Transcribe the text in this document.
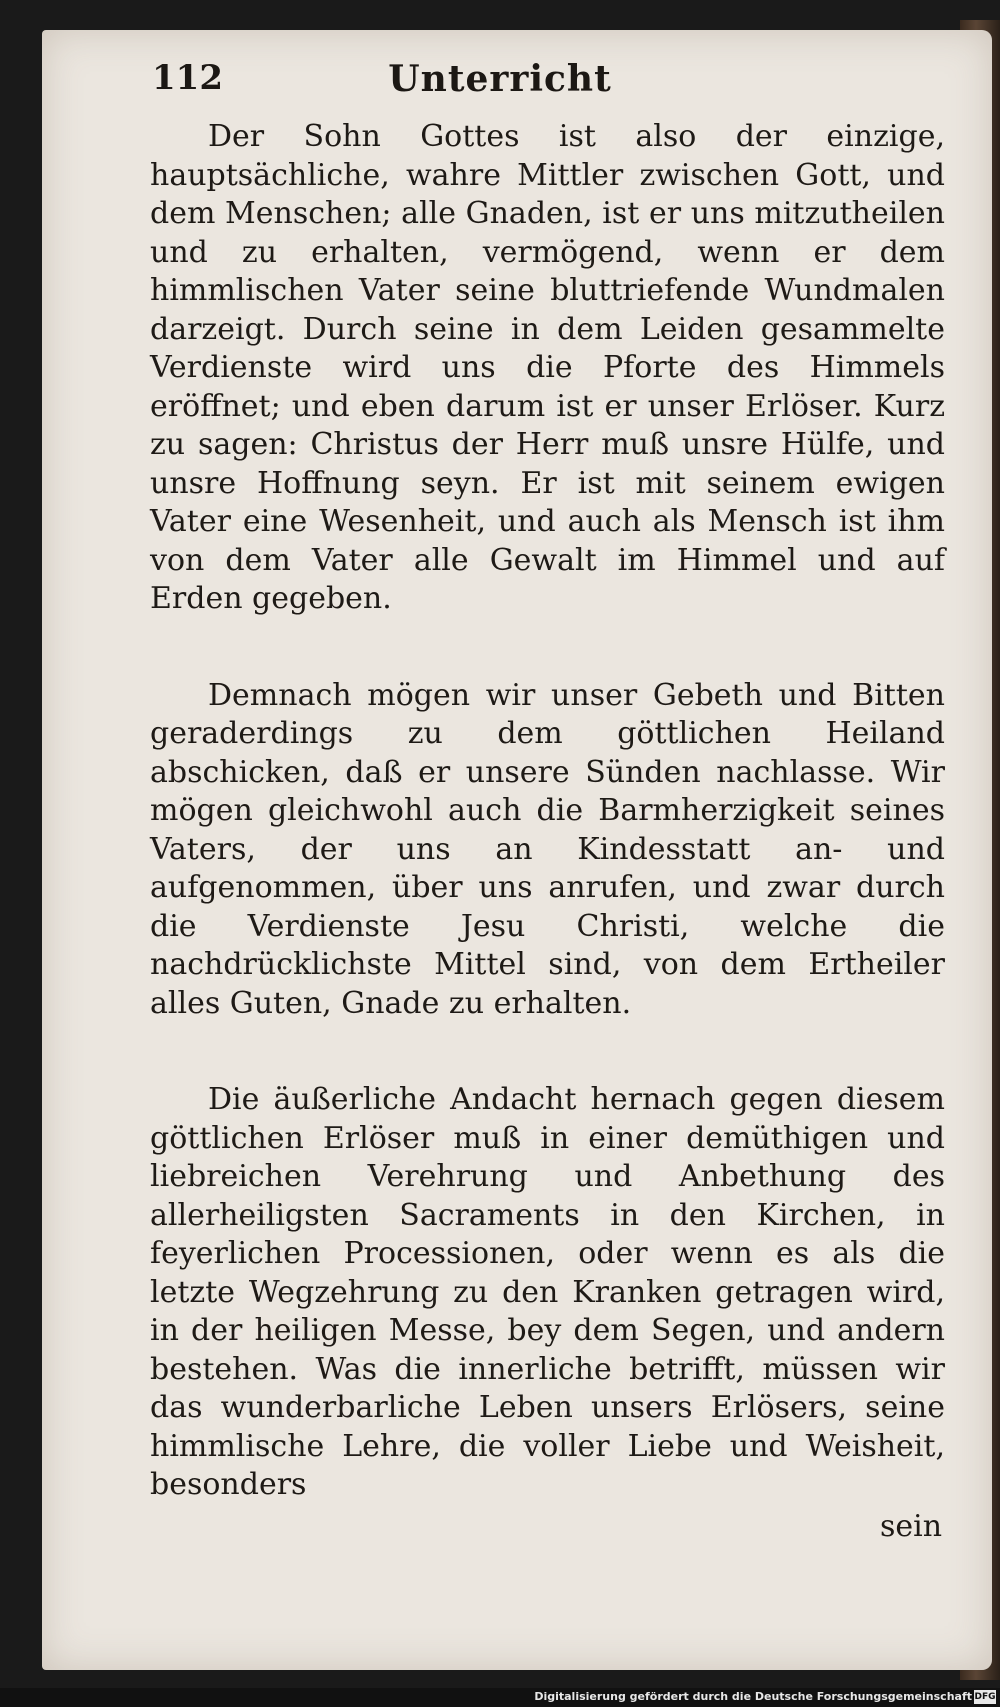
112	Unterricht

Der Sohn Gottes ist also der einzige, hauptsächliche, wahre Mittler zwischen Gott, und dem Menschen; alle Gnaden, ist er uns mitzutheilen und zu erhalten, vermögend, wenn er dem himmlischen Vater seine bluttriefende Wundmalen darzeigt. Durch seine in dem Leiden gesammelte Verdienste wird uns die Pforte des Himmels eröffnet; und eben darum ist er unser Erlöser. Kurz zu sagen: Christus der Herr muß unsre Hülfe, und unsre Hoffnung seyn. Er ist mit seinem ewigen Vater eine Wesenheit, und auch als Mensch ist ihm von dem Vater alle Gewalt im Himmel und auf Erden gegeben.

Demnach mögen wir unser Gebeth und Bitten geraderdings zu dem göttlichen Heiland abschicken, daß er unsere Sünden nachlasse. Wir mögen gleichwohl auch die Barmherzigkeit seines Vaters, der uns an Kindesstatt an- und aufgenommen, über uns anrufen, und zwar durch die Verdienste Jesu Christi, welche die nachdrücklichste Mittel sind, von dem Ertheiler alles Guten, Gnade zu erhalten.

Die äußerliche Andacht hernach gegen diesem göttlichen Erlöser muß in einer demüthigen und liebreichen Verehrung und Anbethung des allerheiligsten Sacraments in den Kirchen, in feyerlichen Processionen, oder wenn es als die letzte Wegzehrung zu den Kranken getragen wird, in der heiligen Messe, bey dem Segen, und andern bestehen. Was die innerliche betrifft, müssen wir das wunderbarliche Leben unsers Erlösers, seine himmlische Lehre, die voller Liebe und Weisheit, besonders

sein
Digitalisierung gefördert durch die Deutsche Forschungsgemeinschaft DFG
